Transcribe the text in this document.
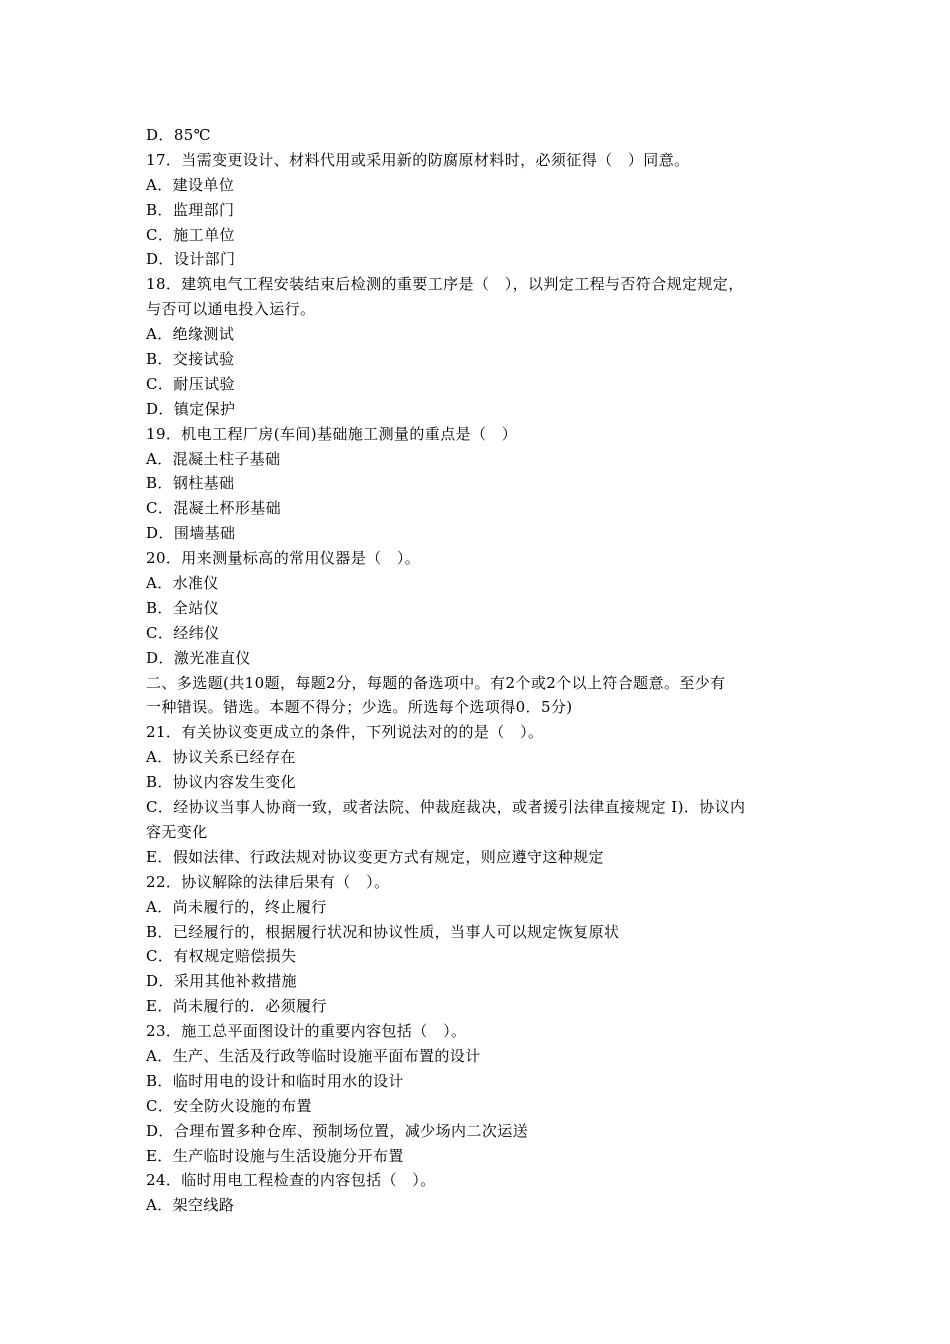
D．85℃
17．当需变更设计、材料代用或采用新的防腐原材料时，必须征得（　）同意。
A．建设单位
B．监理部门
C．施工单位
D．设计部门
18．建筑电气工程安装结束后检测的重要工序是（　），以判定工程与否符合规定规定，
与否可以通电投入运行。
A．绝缘测试
B．交接试验
C．耐压试验
D．镇定保护
19．机电工程厂房(车间)基础施工测量的重点是（　）
A．混凝土柱子基础
B．钢柱基础
C．混凝土杯形基础
D．围墙基础
20．用来测量标高的常用仪器是（　）。
A．水准仪
B．全站仪
C．经纬仪
D．激光准直仪
二、多选题(共10题，每题2分，每题的备选项中。有2个或2个以上符合题意。至少有
一种错误。错选。本题不得分；少选。所选每个选项得0．5分)
21．有关协议变更成立的条件，下列说法对的的是（　）。
A．协议关系已经存在
B．协议内容发生变化
C．经协议当事人协商一致，或者法院、仲裁庭裁决，或者援引法律直接规定 I)．协议内
容无变化
E．假如法律、行政法规对协议变更方式有规定，则应遵守这种规定
22．协议解除的法律后果有（　）。
A．尚未履行的，终止履行
B．已经履行的，根据履行状况和协议性质，当事人可以规定恢复原状
C．有权规定赔偿损失
D．采用其他补救措施
E．尚未履行的．必须履行
23．施工总平面图设计的重要内容包括（　）。
A．生产、生活及行政等临时设施平面布置的设计
B．临时用电的设计和临时用水的设计
C．安全防火设施的布置
D．合理布置多种仓库、预制场位置，减少场内二次运送
E．生产临时设施与生活设施分开布置
24．临时用电工程检查的内容包括（　）。
A．架空线路
